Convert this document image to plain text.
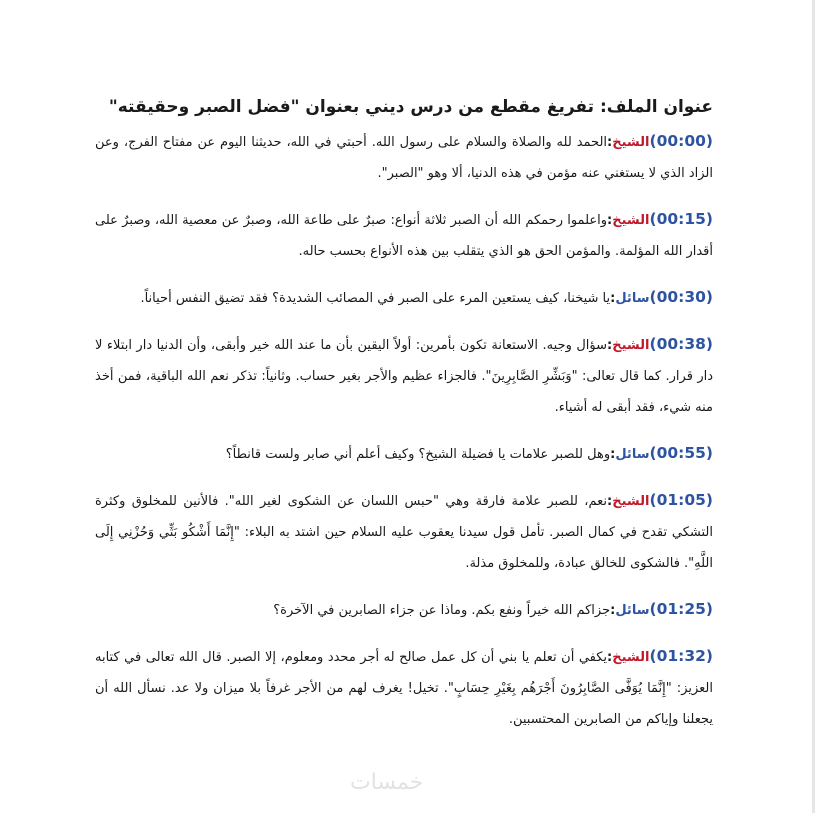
عنوان الملف: تفريغ مقطع من درس ديني بعنوان "فضل الصبر وحقيقته"

(00:00)الشيخ:الحمد لله والصلاة والسلام على رسول الله. أحبتي في الله، حديثنا اليوم عن مفتاح الفرج، وعن الزاد الذي لا يستغني عنه مؤمن في هذه الدنيا، ألا وهو "الصبر".

(00:15)الشيخ:واعلموا رحمكم الله أن الصبر ثلاثة أنواع: صبرٌ على طاعة الله، وصبرٌ عن معصية الله، وصبرٌ على أقدار الله المؤلمة. والمؤمن الحق هو الذي يتقلب بين هذه الأنواع بحسب حاله.

(00:30)سائل:يا شيخنا، كيف يستعين المرء على الصبر في المصائب الشديدة؟ فقد تضيق النفس أحياناً.

(00:38)الشيخ:سؤال وجيه. الاستعانة تكون بأمرين: أولاً اليقين بأن ما عند الله خير وأبقى، وأن الدنيا دار ابتلاء لا دار قرار. كما قال تعالى: "وَبَشِّرِ الصَّابِرِينَ". فالجزاء عظيم والأجر بغير حساب. وثانياً: تذكر نعم الله الباقية، فمن أخذ منه شيء، فقد أبقى له أشياء.

(00:55)سائل:وهل للصبر علامات يا فضيلة الشيخ؟ وكيف أعلم أني صابر ولست قانطاً؟

(01:05)الشيخ:نعم، للصبر علامة فارقة وهي "حبس اللسان عن الشكوى لغير الله". فالأنين للمخلوق وكثرة التشكي تقدح في كمال الصبر. تأمل قول سيدنا يعقوب عليه السلام حين اشتد به البلاء: "إِنَّمَا أَشْكُو بَثِّي وَحُزْنِي إِلَى اللَّهِ". فالشكوى للخالق عبادة، وللمخلوق مذلة.

(01:25)سائل:جزاكم الله خيراً ونفع بكم. وماذا عن جزاء الصابرين في الآخرة؟

(01:32)الشيخ:يكفي أن تعلم يا بني أن كل عمل صالح له أجر محدد ومعلوم، إلا الصبر. قال الله تعالى في كتابه العزيز: "إِنَّمَا يُوَفَّى الصَّابِرُونَ أَجْرَهُم بِغَيْرِ حِسَابٍ". تخيل! يغرف لهم من الأجر غرفاً بلا ميزان ولا عد. نسأل الله أن يجعلنا وإياكم من الصابرين المحتسبين.

خمسات
